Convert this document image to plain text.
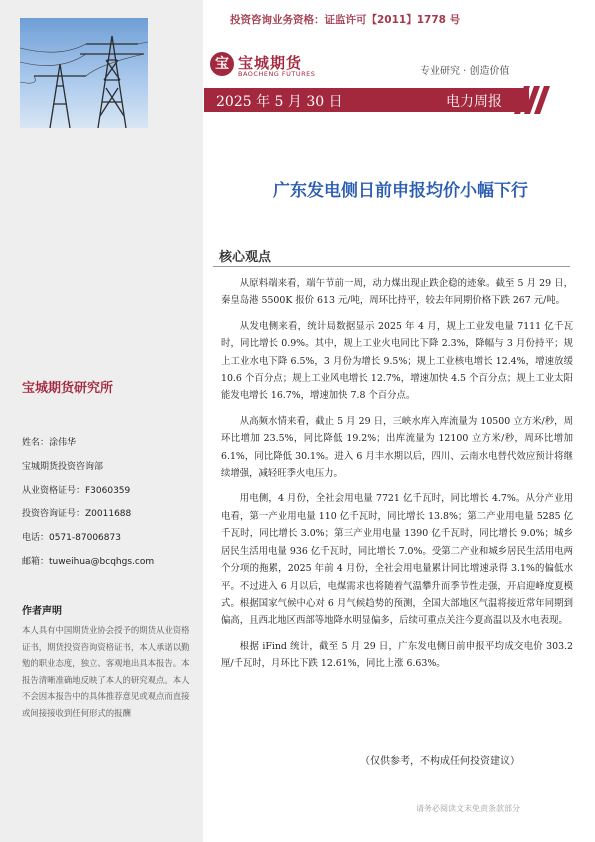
投资咨询业务资格：证监许可【2011】1778 号
宝 宝城期货
BAOCHENG FUTURES	专业研究 · 创造价值
2025 年 5 月 30 日	电力周报
广东发电侧日前申报均价小幅下行
核心观点

从原料端来看，端午节前一周，动力煤出现止跌企稳的迹象。截至 5 月 29 日，秦皇岛港 5500K 报价 613 元/吨，周环比持平，较去年同期价格下跌 267 元/吨。

从发电侧来看，统计局数据显示 2025 年 4 月，规上工业发电量 7111 亿千瓦时，同比增长 0.9%。其中，规上工业火电同比下降 2.3%，降幅与 3 月份持平；规上工业水电下降 6.5%，3 月份为增长 9.5%；规上工业核电增长 12.4%，增速放缓 10.6 个百分点；规上工业风电增长 12.7%，增速加快 4.5 个百分点；规上工业太阳能发电增长 16.7%，增速加快 7.8 个百分点。

从高频水情来看，截止 5 月 29 日，三峡水库入库流量为 10500 立方米/秒，周环比增加 23.5%，同比降低 19.2%；出库流量为 12100 立方米/秒，周环比增加 6.1%，同比降低 30.1%。进入 6 月丰水期以后，四川、云南水电替代效应预计将继续增强，减轻旺季火电压力。

用电侧，4 月份，全社会用电量 7721 亿千瓦时，同比增长 4.7%。从分产业用电看，第一产业用电量 110 亿千瓦时，同比增长 13.8%；第二产业用电量 5285 亿千瓦时，同比增长 3.0%；第三产业用电量 1390 亿千瓦时，同比增长 9.0%；城乡居民生活用电量 936 亿千瓦时，同比增长 7.0%。受第二产业和城乡居民生活用电两个分项的拖累，2025 年前 4 月份，全社会用电量累计同比增速录得 3.1%的偏低水平。不过进入 6 月以后，电煤需求也将随着气温攀升而季节性走强，开启迎峰度夏模式。根据国家气候中心对 6 月气候趋势的预测，全国大部地区气温将接近常年同期到偏高，且西北地区西部等地降水明显偏多，后续可重点关注今夏高温以及水电表现。

根据 iFind 统计，截至 5 月 29 日，广东发电侧日前申报平均成交电价 303.2 厘/千瓦时，月环比下跌 12.61%，同比上涨 6.63%。

（仅供参考，不构成任何投资建议）
宝城期货研究所
姓名：涂伟华
宝城期货投资咨询部
从业资格证号：F3060359
投资咨询证号：Z0011688
电话：0571-87006873
邮箱：tuweihua@bcqhgs.com
作者声明
本人具有中国期货业协会授予的期货从业资格证书，期货投资咨询资格证书，本人承诺以勤勉的职业态度，独立、客观地出具本报告。本报告清晰准确地反映了本人的研究观点。本人不会因本报告中的具体推荐意见或观点而直接或间接接收到任何形式的报酬
请务必阅读文末免责条款部分
